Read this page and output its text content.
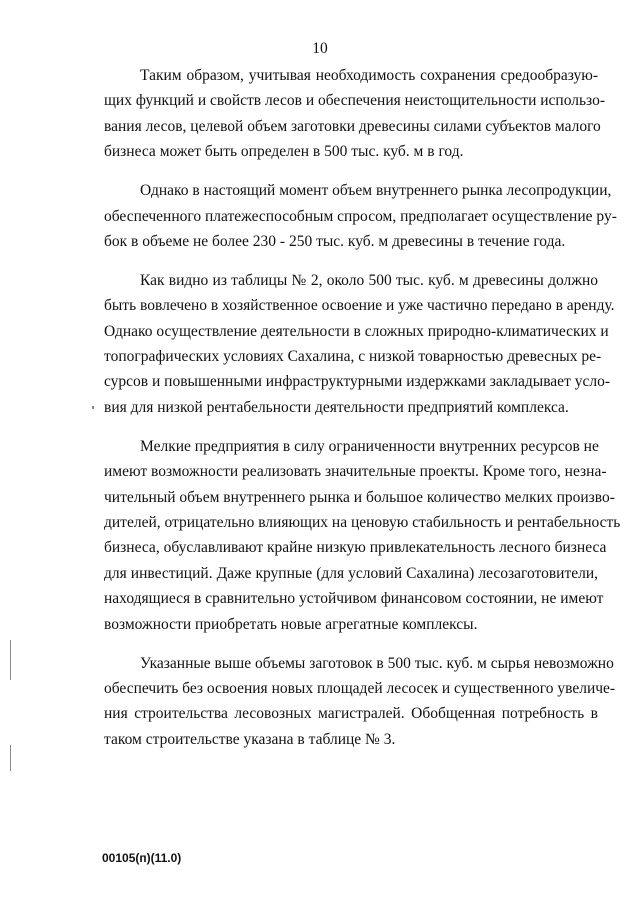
10
Таким образом, учитывая необходимость сохранения средообразую-
щих функций и свойств лесов и обеспечения неистощительности использо-
вания лесов, целевой объем заготовки древесины силами субъектов малого
бизнеса может быть определен в 500 тыс. куб. м в год.
Однако в настоящий момент объем внутреннего рынка лесопродукции,
обеспеченного платежеспособным спросом, предполагает осуществление ру-
бок в объеме не более 230 - 250 тыс. куб. м древесины в течение года.
Как видно из таблицы № 2, около 500 тыс. куб. м древесины должно
быть вовлечено в хозяйственное освоение и уже частично передано в аренду.
Однако осуществление деятельности в сложных природно-климатических и
топографических условиях Сахалина, с низкой товарностью древесных ре-
сурсов и повышенными инфраструктурными издержками закладывает усло-
вия для низкой рентабельности деятельности предприятий комплекса.
Мелкие предприятия в силу ограниченности внутренних ресурсов не
имеют возможности реализовать значительные проекты. Кроме того, незна-
чительный объем внутреннего рынка и большое количество мелких произво-
дителей, отрицательно влияющих на ценовую стабильность и рентабельность
бизнеса, обуславливают крайне низкую привлекательность лесного бизнеса
для инвестиций. Даже крупные (для условий Сахалина) лесозаготовители,
находящиеся в сравнительно устойчивом финансовом состоянии, не имеют
возможности приобретать новые агрегатные комплексы.
Указанные выше объемы заготовок в 500 тыс. куб. м сырья невозможно
обеспечить без освоения новых площадей лесосек и существенного увеличе-
ния строительства лесовозных магистралей. Обобщенная потребность в
таком строительстве указана в таблице № 3.
00105(п)(11.0)
